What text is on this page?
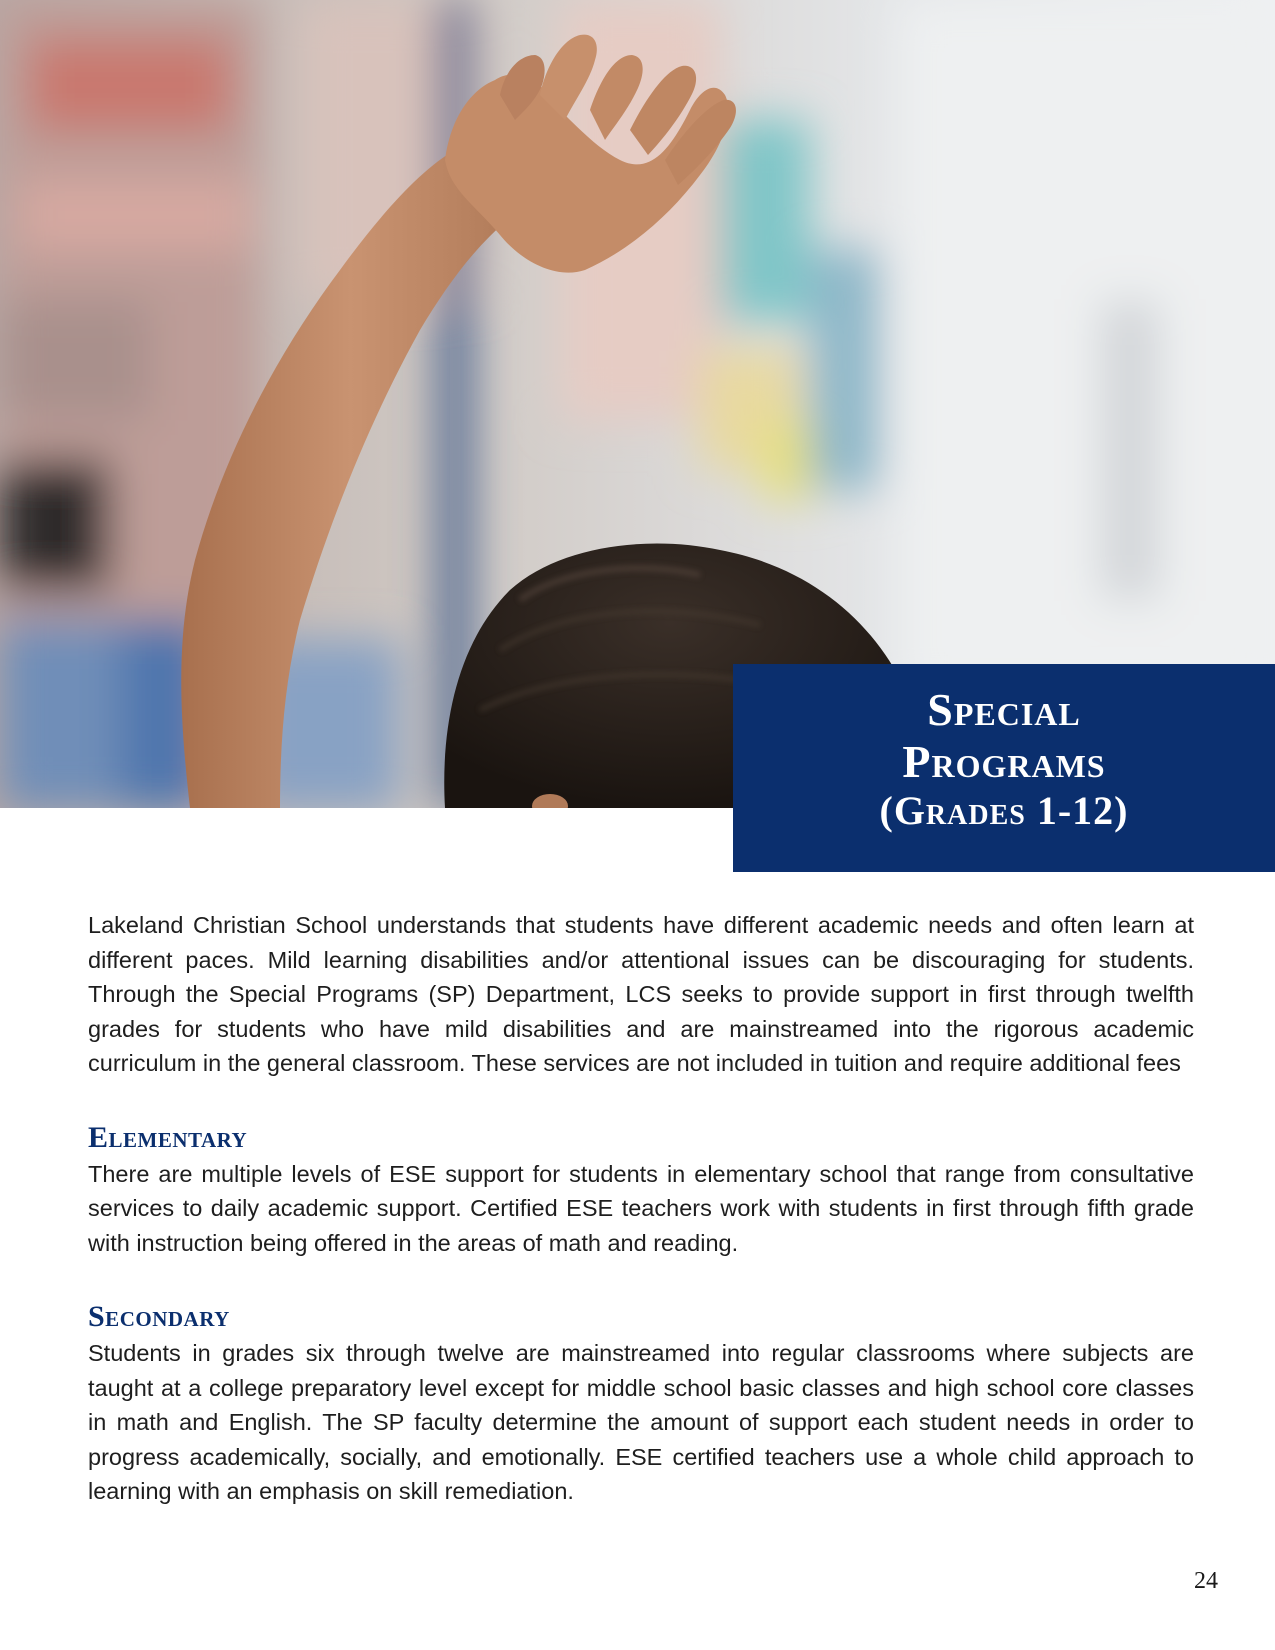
Special
Programs
(Grades 1-12)

Lakeland Christian School understands that students have different academic needs and often learn at different paces. Mild learning disabilities and/or attentional issues can be discouraging for students. Through the Special Programs (SP) Department, LCS seeks to provide support in first through twelfth grades for students who have mild disabilities and are mainstreamed into the rigorous academic curriculum in the general classroom. These services are not included in tuition and require additional fees

Elementary

There are multiple levels of ESE support for students in elementary school that range from consultative services to daily academic support. Certified ESE teachers work with students in first through fifth grade with instruction being offered in the areas of math and reading.

Secondary

Students in grades six through twelve are mainstreamed into regular classrooms where subjects are taught at a college preparatory level except for middle school basic classes and high school core classes in math and English. The SP faculty determine the amount of support each student needs in order to progress academically, socially, and emotionally. ESE certified teachers use a whole child approach to learning with an emphasis on skill remediation.

24
